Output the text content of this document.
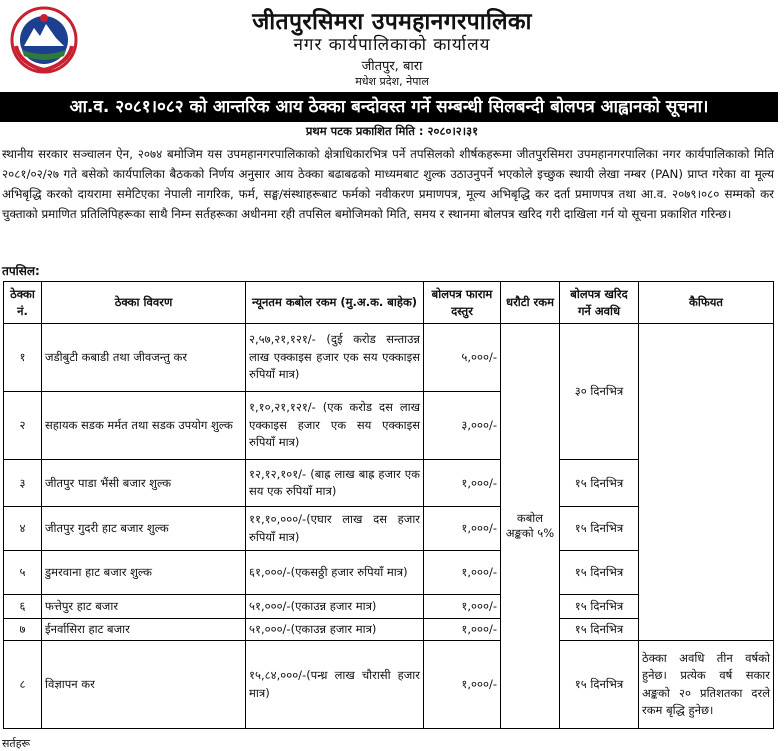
जीतपुरसिमरा उपमहानगरपालिका
नगर कार्यपालिकाको कार्यालय
जीतपुर, बारा
मधेश प्रदेश, नेपाल
आ.व. २०८१।०८२ को आन्तरिक आय ठेक्का बन्दोवस्त गर्ने सम्बन्धी सिलबन्दी बोलपत्र आह्वानको सूचना।
प्रथम पटक प्रकाशित मिति : २०८०।२।३१
स्थानीय सरकार सञ्चालन ऐन, २०७४ बमोजिम यस उपमहानगरपालिकाको क्षेत्राधिकारभित्र पर्ने तपसिलको शीर्षकहरूमा जीतपुरसिमरा उपमहानगरपालिका नगर कार्यपालिकाको मिति २०८१/०२/२७ गते बसेको कार्यपालिका बैठकको निर्णय अनुसार आय ठेक्का बढाबढको माध्यमबाट शुल्क उठाउनुपर्ने भएकोले इच्छुक स्थायी लेखा नम्बर (PAN) प्राप्त गरेका वा मूल्य अभिबृद्धि करको दायरामा समेटिएका नेपाली नागरिक, फर्म, सङ्घ/संस्थाहरूबाट फर्मको नवीकरण प्रमाणपत्र, मूल्य अभिबृद्धि कर दर्ता प्रमाणपत्र तथा आ.व. २०७९।०८० सम्मको कर चुक्ताको प्रमाणित प्रतिलिपिहरूका साथै निम्न सर्तहरूका अधीनमा रही तपसिल बमोजिमको मिति, समय र स्थानमा बोलपत्र खरिद गरी दाखिला गर्न यो सूचना प्रकाशित गरिन्छ।
तपसिल:
ठेक्का नं.	ठेक्का विवरण	न्यूनतम कबोल रकम (मु.अ.क. बाहेक)	बोलपत्र फाराम दस्तुर	धरौटी रकम	बोलपत्र खरिद गर्ने अवधि	कैफियत
१	जडीबुटी कबाडी तथा जीवजन्तु कर	२,५७,२१,१२१/- (दुई करोड सन्ताउन्न लाख एक्काइस हजार एक सय एक्काइस रुपियाँ मात्र)	५,०००/-	कबोल अङ्कको ५%	३० दिनभित्र	
२	सहायक सडक मर्मत तथा सडक उपयोग शुल्क	१,१०,२१,१२१/- (एक करोड दस लाख एक्काइस हजार एक सय एक्काइस रुपियाँ मात्र)	३,०००/-			
३	जीतपुर पाडा भैंसी बजार शुल्क	१२,१२,१०१/- (बाह्र लाख बाह्र हजार एक सय एक रुपियाँ मात्र)	१,०००/-		१५ दिनभित्र	
४	जीतपुर गुदरी हाट बजार शुल्क	११,१०,०००/-(एघार लाख दस हजार रुपियाँ मात्र)	१,०००/-		१५ दिनभित्र	
५	डुमरवाना हाट बजार शुल्क	६१,०००/-(एकसठ्ठी हजार रुपियाँ मात्र)	१,०००/-		१५ दिनभित्र	
६	फत्तेपुर हाट बजार	५१,०००/-(एकाउन्न हजार मात्र)	१,०००/-		१५ दिनभित्र	
७	ईनर्वासिरा हाट बजार	५१,०००/-(एकाउन्न हजार मात्र)	१,०००/-		१५ दिनभित्र	
८	विज्ञापन कर	१५,८४,०००/-(पन्ध्र लाख चौरासी हजार मात्र)	१,०००/-		१५ दिनभित्र	ठेक्का अवधि तीन वर्षको हुनेछ। प्रत्येक वर्ष सकार अङ्कको २० प्रतिशतका दरले रकम बृद्धि हुनेछ।
सर्तहरू
